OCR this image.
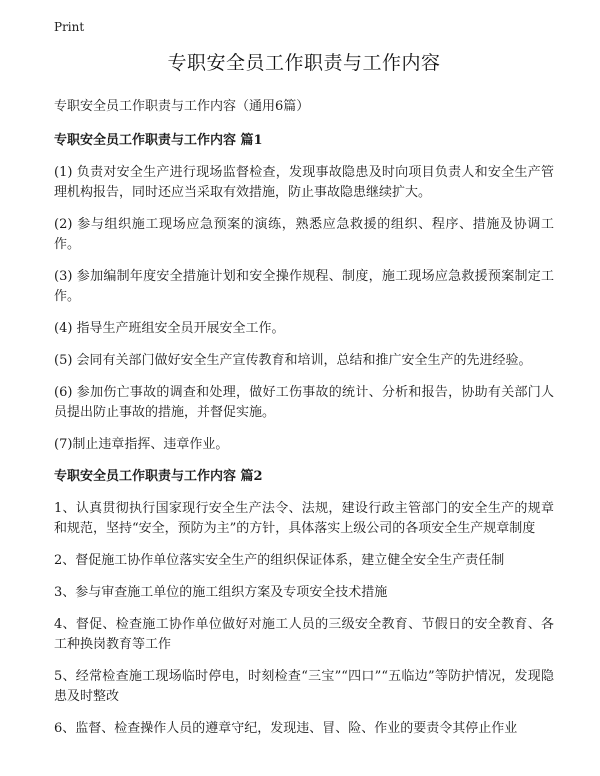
Print
专职安全员工作职责与工作内容

专职安全员工作职责与工作内容（通用6篇）

专职安全员工作职责与工作内容 篇1

(1) 负责对安全生产进行现场监督检查，发现事故隐患及时向项目负责人和安全生产管理机构报告，同时还应当采取有效措施，防止事故隐患继续扩大。

(2) 参与组织施工现场应急预案的演练，熟悉应急救援的组织、程序、措施及协调工作。

(3) 参加编制年度安全措施计划和安全操作规程、制度，施工现场应急救援预案制定工作。

(4) 指导生产班组安全员开展安全工作。

(5) 会同有关部门做好安全生产宣传教育和培训，总结和推广安全生产的先进经验。

(6) 参加伤亡事故的调查和处理，做好工伤事故的统计、分析和报告，协助有关部门人员提出防止事故的措施，并督促实施。

(7)制止违章指挥、违章作业。

专职安全员工作职责与工作内容 篇2

1、认真贯彻执行国家现行安全生产法令、法规，建设行政主管部门的安全生产的规章和规范，坚持“安全，预防为主”的方针，具体落实上级公司的各项安全生产规章制度

2、督促施工协作单位落实安全生产的组织保证体系，建立健全安全生产责任制

3、参与审查施工单位的施工组织方案及专项安全技术措施

4、督促、检查施工协作单位做好对施工人员的三级安全教育、节假日的安全教育、各工种换岗教育等工作

5、经常检查施工现场临时停电，时刻检查“三宝”“四口”“五临边”等防护情况，发现隐患及时整改

6、监督、检查操作人员的遵章守纪，发现违、冒、险、作业的要责令其停止作业
